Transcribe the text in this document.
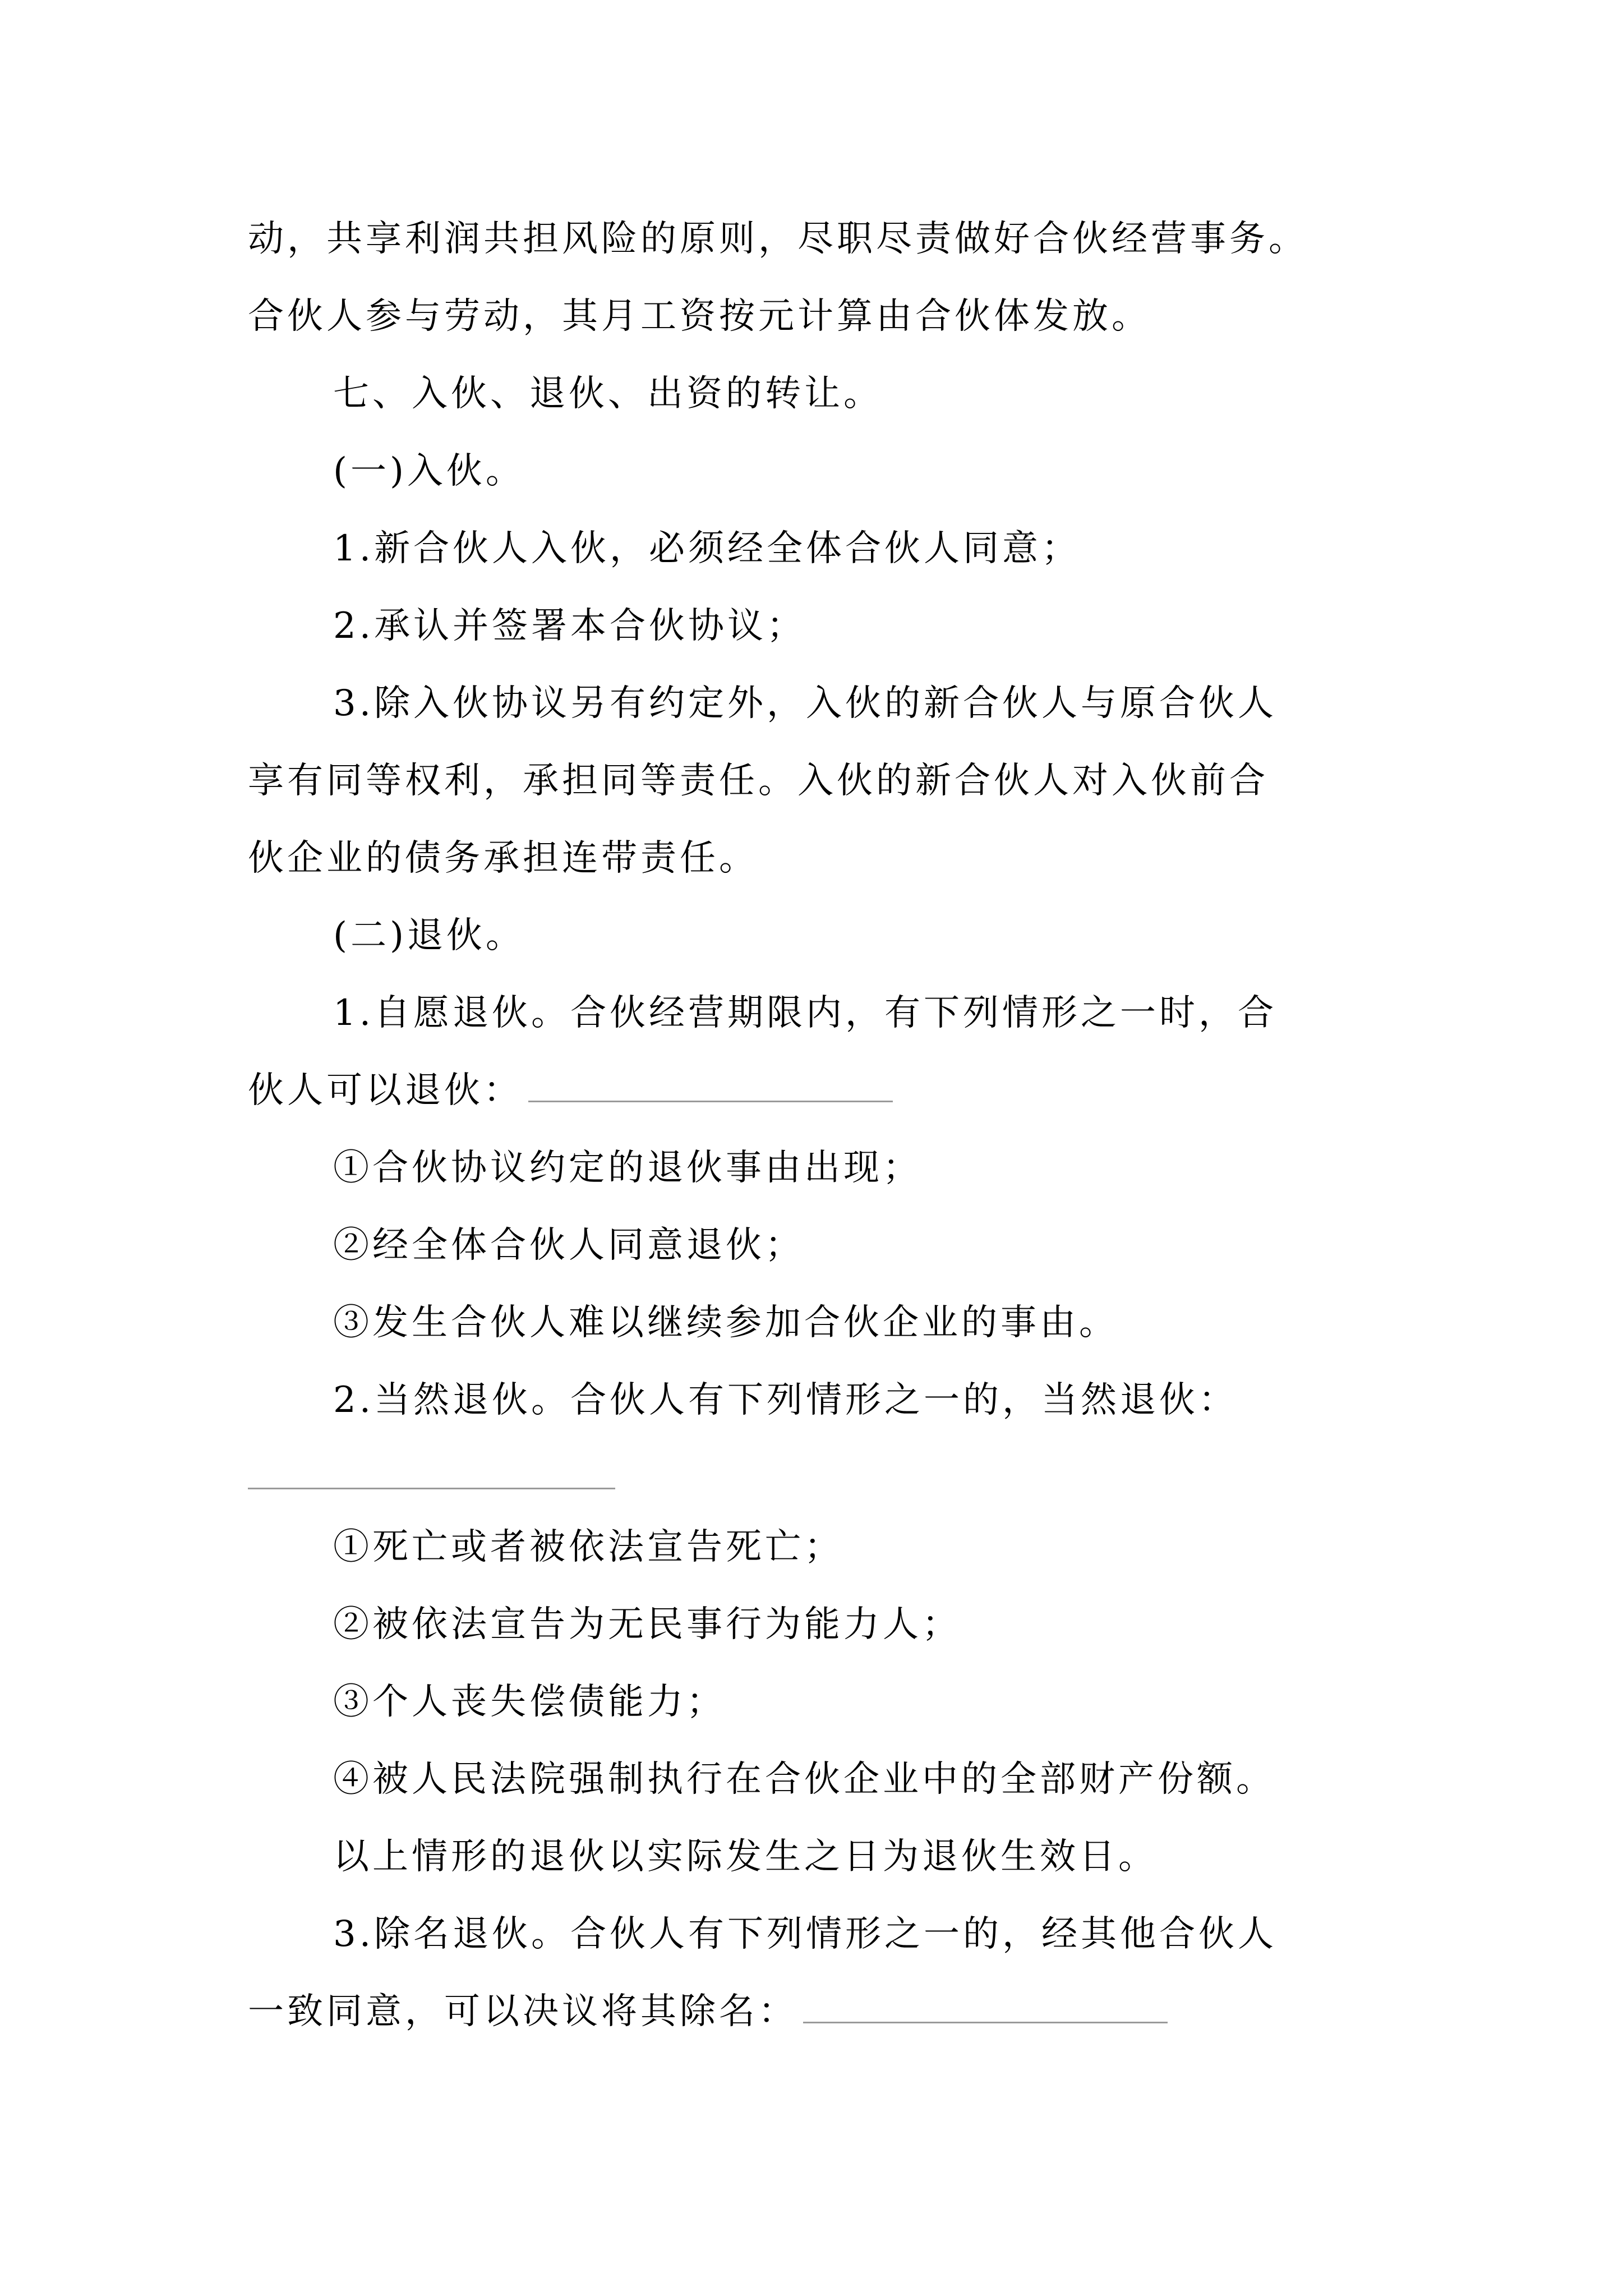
动，共享利润共担风险的原则，尽职尽责做好合伙经营事务。
合伙人参与劳动，其月工资按元计算由合伙体发放。
七、入伙、退伙、出资的转让。
(一)入伙。
1.新合伙人入伙，必须经全体合伙人同意；
2.承认并签署本合伙协议；
3.除入伙协议另有约定外，入伙的新合伙人与原合伙人
享有同等权利，承担同等责任。入伙的新合伙人对入伙前合
伙企业的债务承担连带责任。
(二)退伙。
1.自愿退伙。合伙经营期限内，有下列情形之一时，合
伙人可以退伙：
①合伙协议约定的退伙事由出现；
②经全体合伙人同意退伙；
③发生合伙人难以继续参加合伙企业的事由。
2.当然退伙。合伙人有下列情形之一的，当然退伙：
①死亡或者被依法宣告死亡；
②被依法宣告为无民事行为能力人；
③个人丧失偿债能力；
④被人民法院强制执行在合伙企业中的全部财产份额。
以上情形的退伙以实际发生之日为退伙生效日。
3.除名退伙。合伙人有下列情形之一的，经其他合伙人
一致同意，可以决议将其除名：
